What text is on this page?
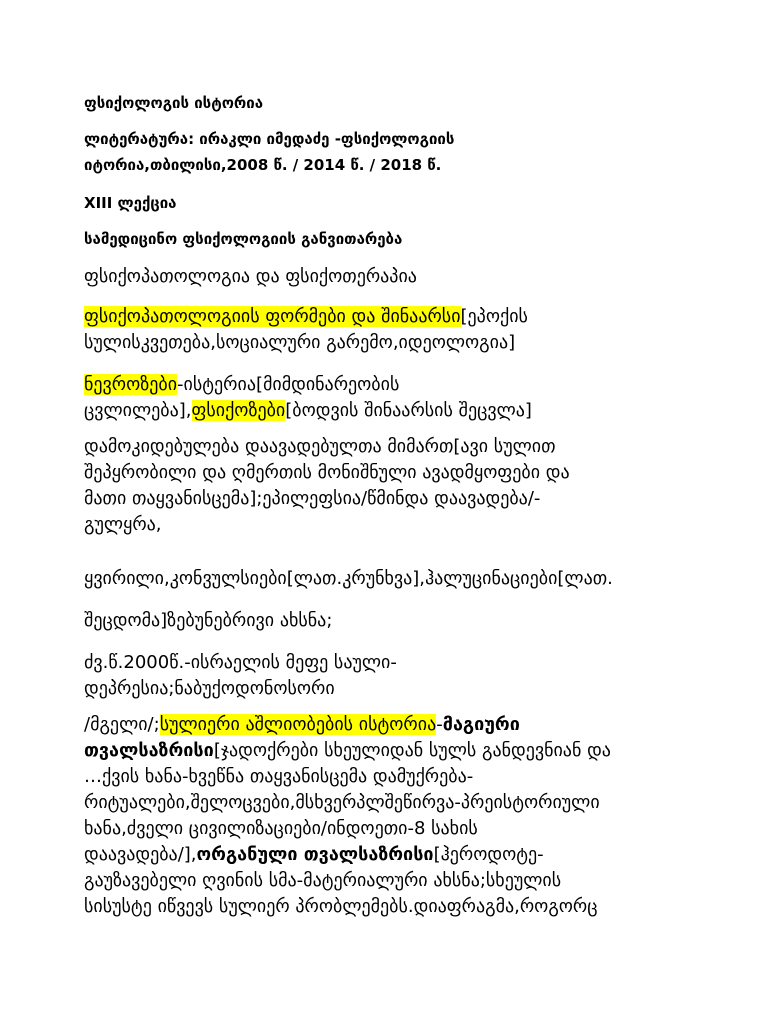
ფსიქოლოგის ისტორია

ლიტერატურა: ირაკლი იმედაძე -ფსიქოლოგიის
იტორია,თბილისი,2008 წ. / 2014 წ. / 2018 წ.

XIII ლექცია

სამედიცინო ფსიქოლოგიის განვითარება

ფსიქოპათოლოგია და ფსიქოთერაპია

ფსიქოპათოლოგიის ფორმები და შინაარსი[ეპოქის
სულისკვეთება,სოციალური გარემო,იდეოლოგია]

ნევროზები-ისტერია[მიმდინარეობის
ცვლილება],ფსიქოზები[ბოდვის შინაარსის შეცვლა]

დამოკიდებულება დაავადებულთა მიმართ[ავი სულით
შეპყრობილი და ღმერთის მონიშნული ავადმყოფები და
მათი თაყვანისცემა];ეპილეფსია/წმინდა დაავადება/-
გულყრა,

ყვირილი,კონვულსიები[ლათ.კრუნხვა],ჰალუცინაციები[ლათ.

შეცდომა]ზებუნებრივი ახსნა;

ძვ.წ.2000წ.-ისრაელის მეფე საული-
დეპრესია;ნაბუქოდონოსორი

/მგელი/;სულიერი აშლიობების ისტორია-მაგიური
თვალსაზრისი[ჯადოქრები სხეულიდან სულს განდევნიან და
…ქვის ხანა-ხვეწნა თაყვანისცემა დამუქრება-
რიტუალები,შელოცვები,მსხვერპლშეწირვა-პრეისტორიული
ხანა,ძველი ცივილიზაციები/ინდოეთი-8 სახის
დაავადება/],ორგანული თვალსაზრისი[ჰეროდოტე-
გაუზავებელი ღვინის სმა-მატერიალური ახსნა;სხეულის
სისუსტე იწვევს სულიერ პრობლემებს.დიაფრაგმა,როგორც
